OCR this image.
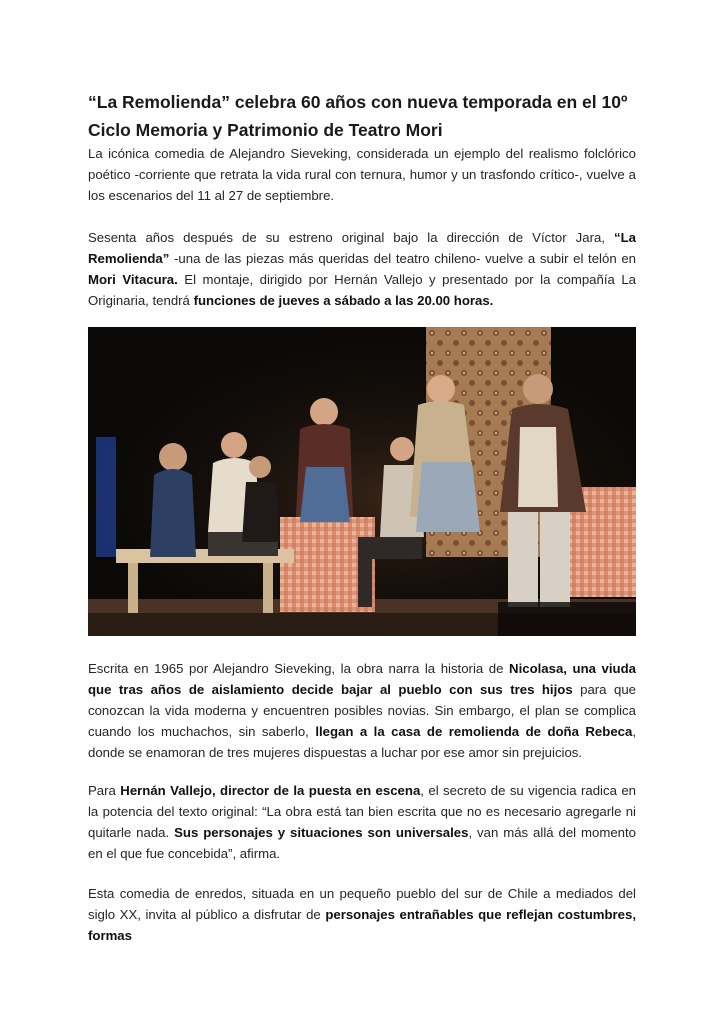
“La Remolienda” celebra 60 años con nueva temporada en el 10º Ciclo Memoria y Patrimonio de Teatro Mori

La icónica comedia de Alejandro Sieveking, considerada un ejemplo del realismo folclórico poético -corriente que retrata la vida rural con ternura, humor y un trasfondo crítico-, vuelve a los escenarios del 11 al 27 de septiembre.

Sesenta años después de su estreno original bajo la dirección de Víctor Jara, “La Remolienda” -una de las piezas más queridas del teatro chileno- vuelve a subir el telón en Mori Vitacura. El montaje, dirigido por Hernán Vallejo y presentado por la compañía La Originaria, tendrá funciones de jueves a sábado a las 20.00 horas.

Escrita en 1965 por Alejandro Sieveking, la obra narra la historia de Nicolasa, una viuda que tras años de aislamiento decide bajar al pueblo con sus tres hijos para que conozcan la vida moderna y encuentren posibles novias. Sin embargo, el plan se complica cuando los muchachos, sin saberlo, llegan a la casa de remolienda de doña Rebeca, donde se enamoran de tres mujeres dispuestas a luchar por ese amor sin prejuicios.

Para Hernán Vallejo, director de la puesta en escena, el secreto de su vigencia radica en la potencia del texto original: “La obra está tan bien escrita que no es necesario agregarle ni quitarle nada. Sus personajes y situaciones son universales, van más allá del momento en el que fue concebida”, afirma.

Esta comedia de enredos, situada en un pequeño pueblo del sur de Chile a mediados del siglo XX, invita al público a disfrutar de personajes entrañables que reflejan costumbres, formas
